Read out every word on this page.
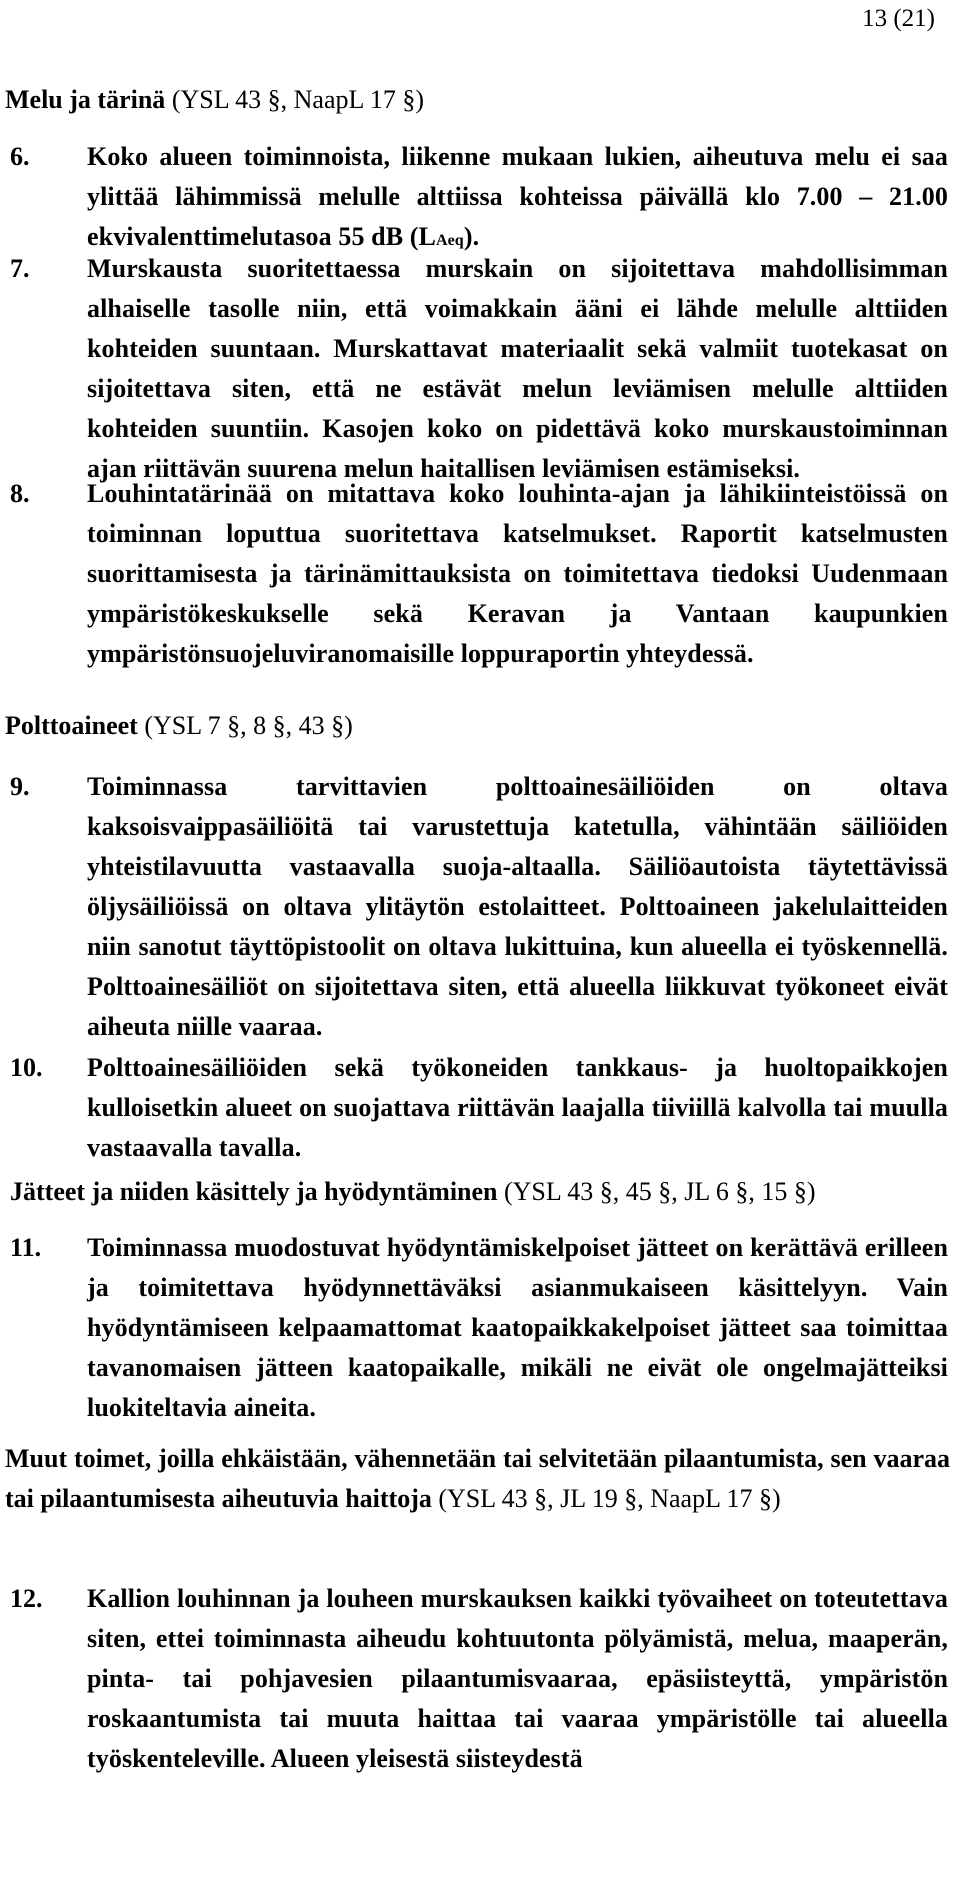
13 (21)
Melu ja tärinä (YSL 43 §, NaapL 17 §)
6. Koko alueen toiminnoista, liikenne mukaan lukien, aiheutuva melu ei saa ylittää lähimmissä melulle alttiissa kohteissa päivällä klo 7.00 – 21.00 ekvivalenttimelutasoa 55 dB (LAeq).
7. Murskausta suoritettaessa murskain on sijoitettava mahdollisimman alhaiselle tasolle niin, että voimakkain ääni ei lähde melulle alttiiden kohteiden suuntaan. Murskattavat materiaalit sekä valmiit tuotekasat on sijoitettava siten, että ne estävät melun leviämisen melulle alttiiden kohteiden suuntiin. Kasojen koko on pidettävä koko murskaustoiminnan ajan riittävän suurena melun haitallisen leviämisen estämiseksi.
8. Louhintatärinää on mitattava koko louhinta-ajan ja lähikiinteistöissä on toiminnan loputtua suoritettava katselmukset. Raportit katselmusten suorittamisesta ja tärinämittauksista on toimitettava tiedoksi Uudenmaan ympäristökeskukselle sekä Keravan ja Vantaan kaupunkien ympäristönsuojeluviranomaisille loppuraportin yhteydessä.
Polttoaineet (YSL 7 §, 8 §, 43 §)
9. Toiminnassa tarvittavien polttoainesäiliöiden on oltava kaksoisvaippasäiliöitä tai varustettuja katetulla, vähintään säiliöiden yhteistilavuutta vastaavalla suoja-altaalla. Säiliöautoista täytettävissä öljysäiliöissä on oltava ylitäytön estolaitteet. Polttoaineen jakelulaitteiden niin sanotut täyttöpistoolit on oltava lukittuina, kun alueella ei työskennellä. Polttoainesäiliöt on sijoitettava siten, että alueella liikkuvat työkoneet eivät aiheuta niille vaaraa.
10. Polttoainesäiliöiden sekä työkoneiden tankkaus- ja huoltopaikkojen kulloisetkin alueet on suojattava riittävän laajalla tiiviillä kalvolla tai muulla vastaavalla tavalla.
Jätteet ja niiden käsittely ja hyödyntäminen (YSL 43 §, 45 §, JL 6 §, 15 §)
11. Toiminnassa muodostuvat hyödyntämiskelpoiset jätteet on kerättävä erilleen ja toimitettava hyödynnettäväksi asianmukaiseen käsittelyyn. Vain hyödyntämiseen kelpaamattomat kaatopaikkakelpoiset jätteet saa toimittaa tavanomaisen jätteen kaatopaikalle, mikäli ne eivät ole ongelmajätteiksi luokiteltavia aineita.
Muut toimet, joilla ehkäistään, vähennetään tai selvitetään pilaantumista, sen vaaraa tai pilaantumisesta aiheutuvia haittoja (YSL 43 §, JL 19 §, NaapL 17 §)
12. Kallion louhinnan ja louheen murskauksen kaikki työvaiheet on toteutettava siten, ettei toiminnasta aiheudu kohtuutonta pölyämistä, melua, maaperän, pinta- tai pohjavesien pilaantumisvaaraa, epäsiisteyttä, ympäristön roskaantumista tai muuta haittaa tai vaaraa ympäristölle tai alueella työskenteleville. Alueen yleisestä siisteydestä
